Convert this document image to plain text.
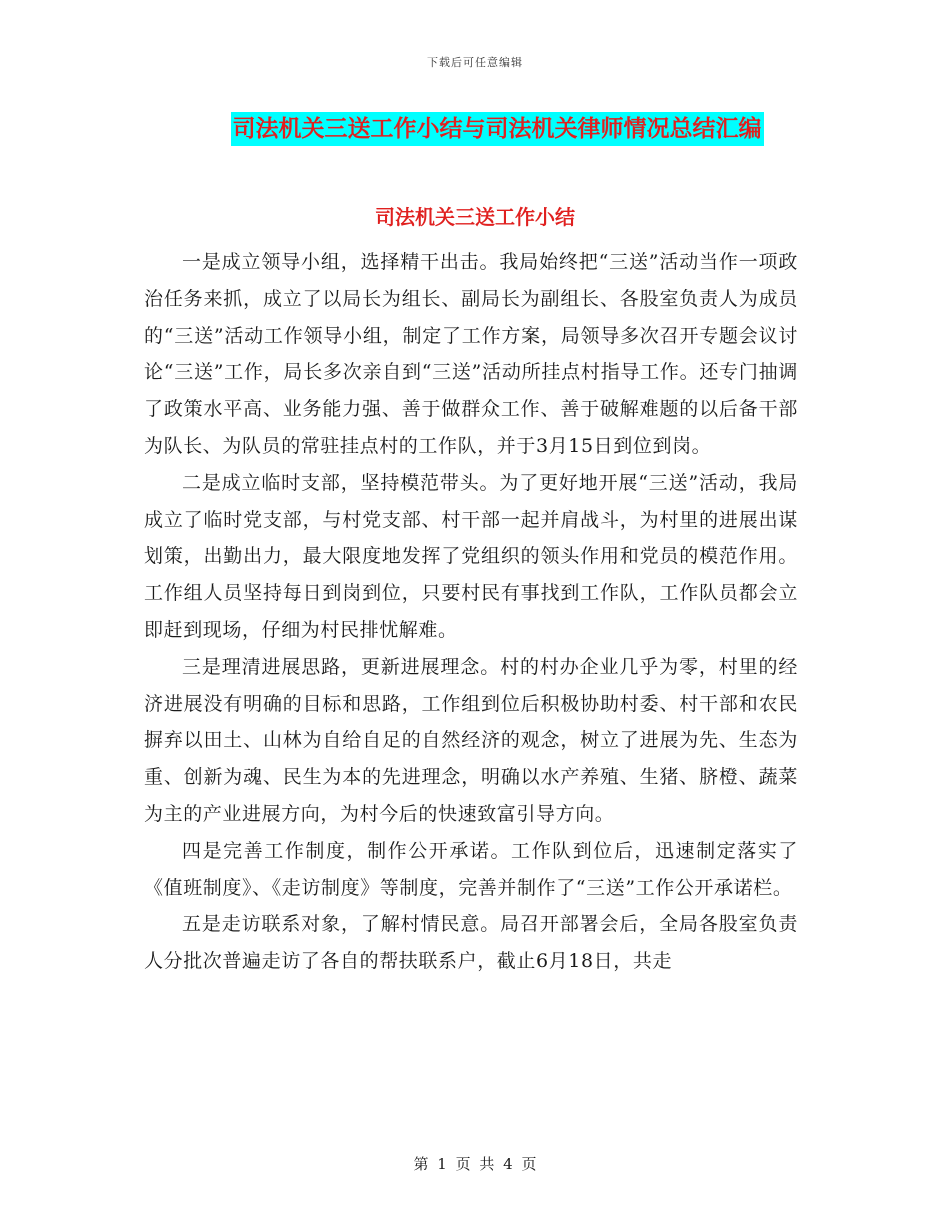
下载后可任意编辑
司法机关三送工作小结与司法机关律师情况总结汇编
司法机关三送工作小结

一是成立领导小组，选择精干出击。我局始终把“三送”活动当作一项政治任务来抓，成立了以局长为组长、副局长为副组长、各股室负责人为成员的“三送”活动工作领导小组，制定了工作方案，局领导多次召开专题会议讨论“三送”工作，局长多次亲自到“三送”活动所挂点村指导工作。还专门抽调了政策水平高、业务能力强、善于做群众工作、善于破解难题的以后备干部为队长、为队员的常驻挂点村的工作队，并于3月15日到位到岗。

二是成立临时支部，坚持模范带头。为了更好地开展“三送”活动，我局成立了临时党支部，与村党支部、村干部一起并肩战斗，为村里的进展出谋划策，出勤出力，最大限度地发挥了党组织的领头作用和党员的模范作用。工作组人员坚持每日到岗到位，只要村民有事找到工作队，工作队员都会立即赶到现场，仔细为村民排忧解难。

三是理清进展思路，更新进展理念。村的村办企业几乎为零，村里的经济进展没有明确的目标和思路，工作组到位后积极协助村委、村干部和农民摒弃以田土、山林为自给自足的自然经济的观念，树立了进展为先、生态为重、创新为魂、民生为本的先进理念，明确以水产养殖、生猪、脐橙、蔬菜为主的产业进展方向，为村今后的快速致富引导方向。

四是完善工作制度，制作公开承诺。工作队到位后，迅速制定落实了《值班制度》、《走访制度》等制度，完善并制作了“三送”工作公开承诺栏。

五是走访联系对象，了解村情民意。局召开部署会后，全局各股室负责人分批次普遍走访了各自的帮扶联系户，截止6月18日，共走

第 1 页 共 4 页
